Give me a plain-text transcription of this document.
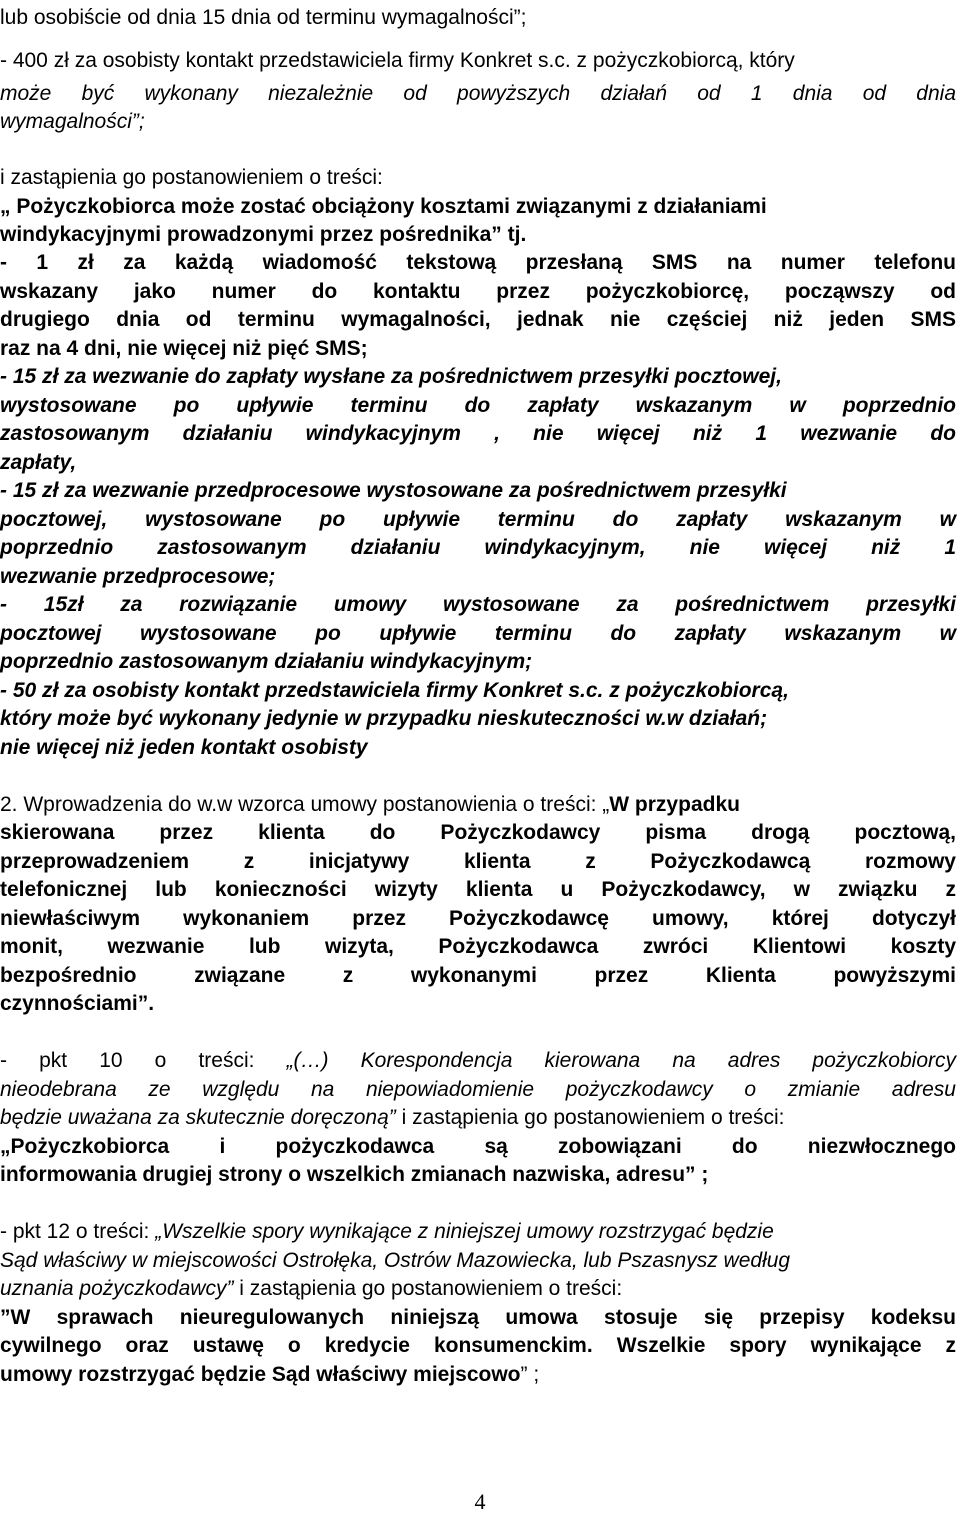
lub osobiście od dnia 15 dnia od terminu wymagalności”;
- 400 zł za osobisty kontakt przedstawiciela firmy Konkret s.c. z pożyczkobiorcą, który
może być wykonany niezależnie od powyższych działań od 1 dnia od dnia
wymagalności”;
i zastąpienia go postanowieniem o treści:
„ Pożyczkobiorca może zostać obciążony kosztami związanymi z działaniami
windykacyjnymi prowadzonymi przez pośrednika” tj.
- 1 zł za każdą wiadomość tekstową przesłaną SMS na numer telefonu
wskazany jako numer do kontaktu przez pożyczkobiorcę, począwszy od
drugiego dnia od terminu wymagalności, jednak nie częściej niż jeden SMS
raz na 4 dni, nie więcej niż pięć SMS;
- 15 zł za wezwanie do zapłaty wysłane za pośrednictwem przesyłki pocztowej,
wystosowane po upływie terminu do zapłaty wskazanym w poprzednio
zastosowanym działaniu windykacyjnym , nie więcej niż 1 wezwanie do
zapłaty,
- 15 zł za wezwanie przedprocesowe wystosowane za pośrednictwem przesyłki
pocztowej, wystosowane po upływie terminu do zapłaty wskazanym w
poprzednio zastosowanym działaniu windykacyjnym, nie więcej niż 1
wezwanie przedprocesowe;
- 15zł za rozwiązanie umowy wystosowane za pośrednictwem przesyłki
pocztowej wystosowane po upływie terminu do zapłaty wskazanym w
poprzednio zastosowanym działaniu windykacyjnym;
- 50 zł za osobisty kontakt przedstawiciela firmy Konkret s.c. z pożyczkobiorcą,
który może być wykonany jedynie w przypadku nieskuteczności w.w działań;
nie więcej niż jeden kontakt osobisty
2. Wprowadzenia do w.w wzorca umowy postanowienia o treści: „W przypadku
skierowana przez klienta do Pożyczkodawcy pisma drogą pocztową,
przeprowadzeniem z inicjatywy klienta z Pożyczkodawcą rozmowy
telefonicznej lub konieczności wizyty klienta u Pożyczkodawcy, w związku z
niewłaściwym wykonaniem przez Pożyczkodawcę umowy, której dotyczył
monit, wezwanie lub wizyta, Pożyczkodawca zwróci Klientowi koszty
bezpośrednio związane z wykonanymi przez Klienta powyższymi
czynnościami”.
- pkt 10 o treści: „(…) Korespondencja kierowana na adres pożyczkobiorcy
nieodebrana ze względu na niepowiadomienie pożyczkodawcy o zmianie adresu
będzie uważana za skutecznie doręczoną” i zastąpienia go postanowieniem o treści:
„Pożyczkobiorca i pożyczkodawca są zobowiązani do niezwłocznego
informowania drugiej strony o wszelkich zmianach nazwiska, adresu” ;
- pkt 12 o treści: „Wszelkie spory wynikające z niniejszej umowy rozstrzygać będzie
Sąd właściwy w miejscowości Ostrołęka, Ostrów Mazowiecka, lub Pszasnysz według
uznania pożyczkodawcy” i zastąpienia go postanowieniem o treści:
”W sprawach nieuregulowanych niniejszą umowa stosuje się przepisy kodeksu
cywilnego oraz ustawę o kredycie konsumenckim. Wszelkie spory wynikające z
umowy rozstrzygać będzie Sąd właściwy miejscowo” ;
4
